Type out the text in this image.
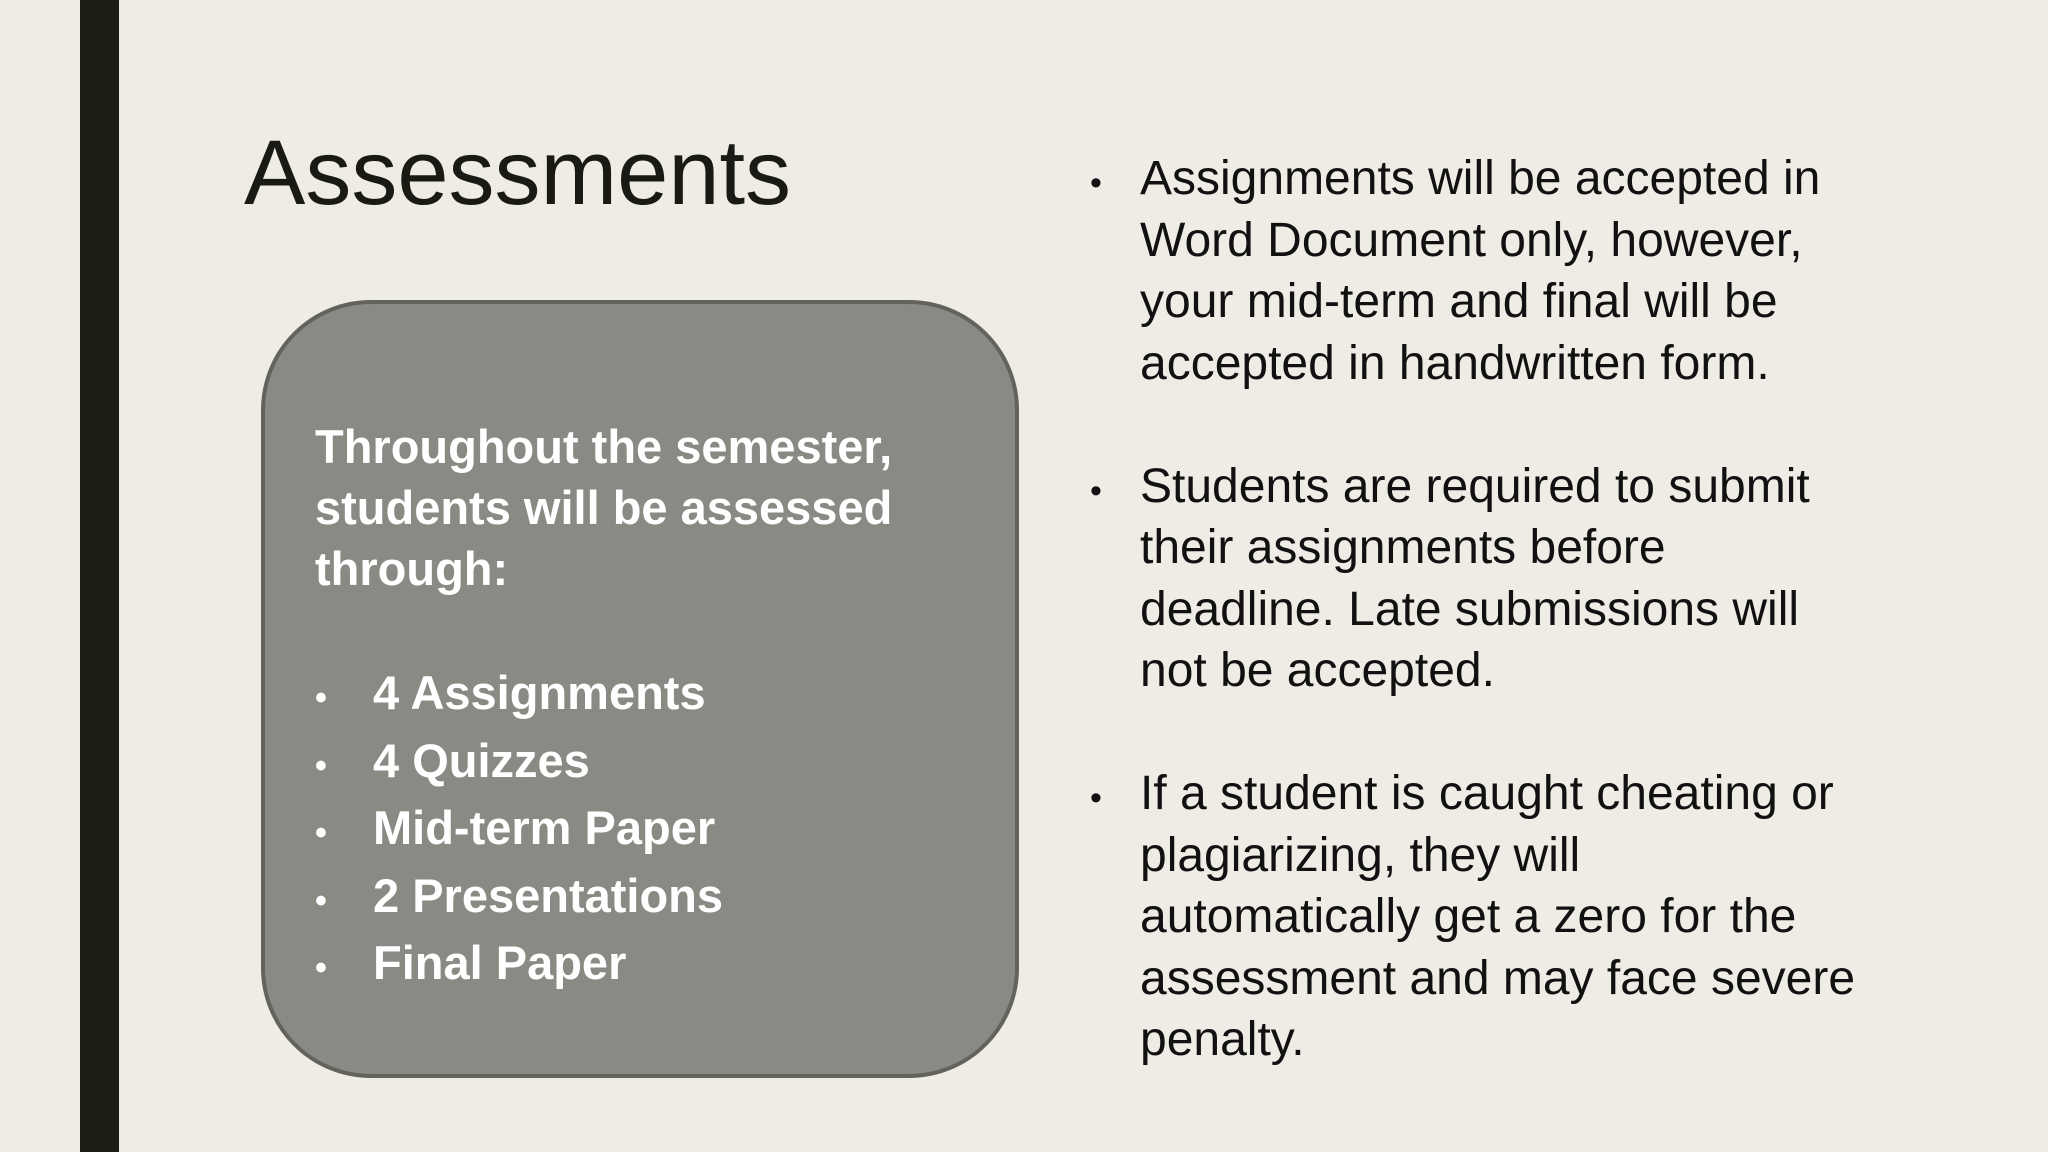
Assessments

Throughout the semester, students will be assessed through:

• 4 Assignments
• 4 Quizzes
• Mid-term Paper
• 2 Presentations
• Final Paper
• Assignments will be accepted in Word Document only, however, your mid-term and final will be accepted in handwritten form.
• Students are required to submit their assignments before deadline. Late submissions will not be accepted.
• If a student is caught cheating or plagiarizing, they will automatically get a zero for the assessment and may face severe penalty.
